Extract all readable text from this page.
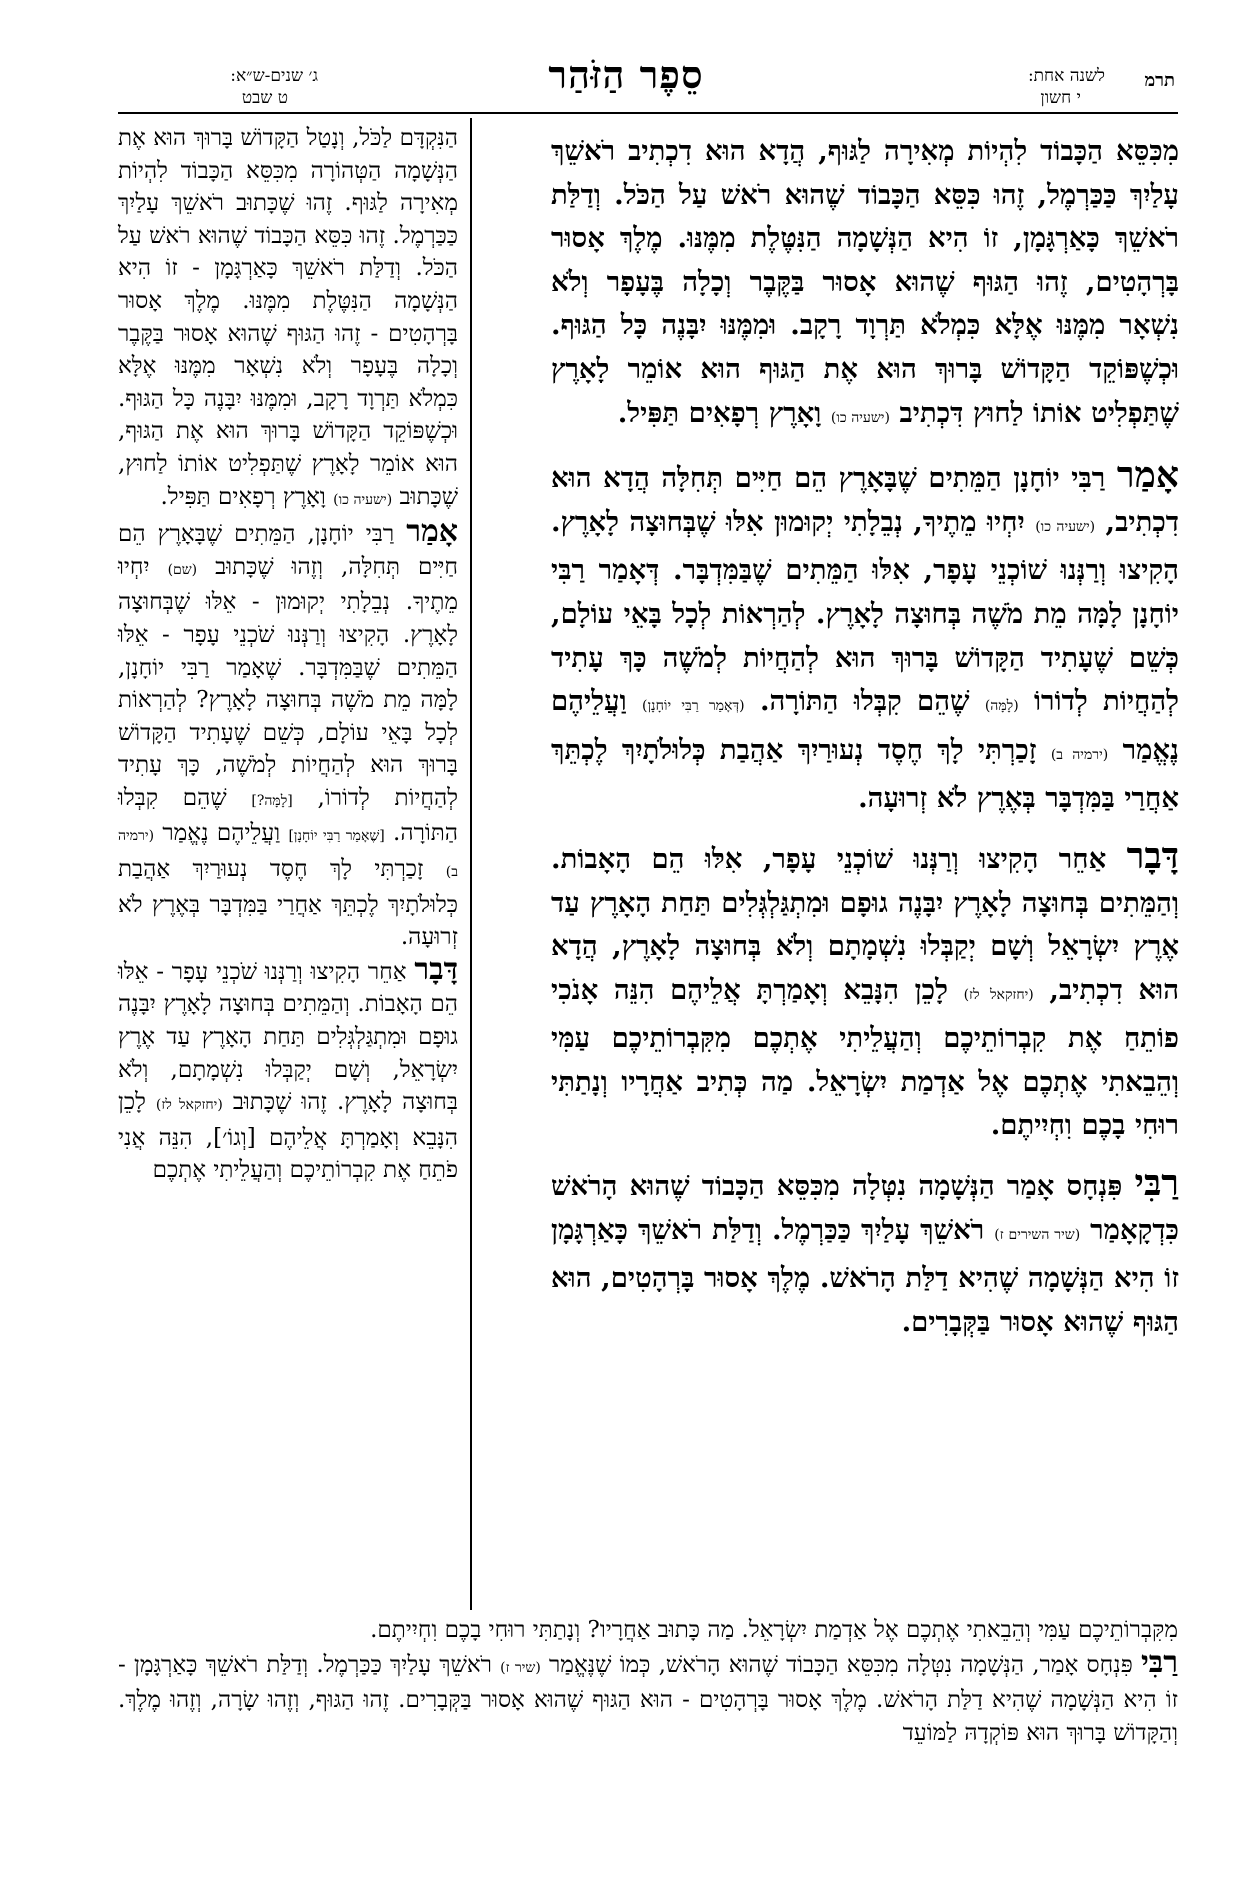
תרמ
לשנה אחת:
י חשון
סֵפֶר הַזֹּהַר
ג׳ שנים-ש״א:
ט שבט

מִכִּסֵּא הַכָּבוֹד לִהְיוֹת מְאִירָה לַגּוּף, הֲדָא הוּא דִכְתִיב רֹאשֵׁךְ עָלַיִךְ כַּכַּרְמֶל, זֶהוּ כִּסֵּא הַכָּבוֹד שֶׁהוּא רֹאשׁ עַל הַכֹּל. וְדַלַּת רֹאשֵׁךְ כָּאַרְגָּמָן, זוֹ הִיא הַנְּשָׁמָה הַנִּטֶּלֶת מִמֶּנּוּ. מֶלֶךְ אָסוּר בָּרְהָטִים, זֶהוּ הַגּוּף שֶׁהוּא אָסוּר בַּקֶּבֶר וְכָלָה בֶּעָפָר וְלֹא נִשְׁאָר מִמֶּנּוּ אֶלָּא כִּמְלֹא תַּרְוָד רָקָב. וּמִמֶּנּוּ יִבָּנֶה כָּל הַגּוּף. וּכְשֶׁפּוֹקֵד הַקָּדוֹשׁ בָּרוּךְ הוּא אֶת הַגּוּף הוּא אוֹמֵר לָאָרֶץ שֶׁתַּפְלִיט אוֹתוֹ לַחוּץ דִּכְתִיב (ישעיה כו) וָאָרֶץ רְפָאִים תַּפִּיל.

אָמַר רַבִּי יוֹחָנָן הַמֵּתִים שֶׁבָּאָרֶץ הֵם חַיִּים תְּחִלָּה הֲדָא הוּא דִכְתִיב, (ישעיה כו) יִחְיוּ מֵתֶיךָ, נְבֵלָתִי יְקוּמוּן אִלּוּ שֶׁבְּחוּצָה לָאָרֶץ. הָקִיצוּ וְרַנְּנוּ שׁוֹכְנֵי עָפָר, אִלּוּ הַמֵּתִים שֶׁבַּמִּדְבָּר. דְּאָמַר רַבִּי יוֹחָנָן לָמָּה מֵת מֹשֶׁה בְּחוּצָה לָאָרֶץ. לְהַרְאוֹת לְכָל בָּאֵי עוֹלָם, כְּשֵׁם שֶׁעָתִיד הַקָּדוֹשׁ בָּרוּךְ הוּא לְהַחֲיוֹת לְמֹשֶׁה כָּךְ עָתִיד לְהַחֲיוֹת לְדוֹרוֹ (לָמָּה) שֶׁהֵם קִבְּלוּ הַתּוֹרָה. (דְּאָמַר רַבִּי יוֹחָנָן) וַעֲלֵיהֶם נֶאֱמַר (ירמיה ב) זָכַרְתִּי לָךְ חֶסֶד נְעוּרַיִךְ אַהֲבַת כְּלוּלֹתָיִךְ לֶכְתֵּךְ אַחֲרַי בַּמִּדְבָּר בְּאֶרֶץ לֹא זְרוּעָה.

דָּבָר אַחֵר הָקִיצוּ וְרַנְּנוּ שׁוֹכְנֵי עָפָר, אִלּוּ הֵם הָאָבוֹת. וְהַמֵּתִים בְּחוּצָה לָאָרֶץ יִבָּנֶה גוּפָם וּמִתְגַּלְגְּלִים תַּחַת הָאָרֶץ עַד אֶרֶץ יִשְׂרָאֵל וְשָׁם יְקַבְּלוּ נִשְׁמָתָם וְלֹא בְּחוּצָה לָאָרֶץ, הֲדָא הוּא דִכְתִיב, (יחזקאל לז) לָכֵן הִנָּבֵא וְאָמַרְתָּ אֲלֵיהֶם הִנֵּה אָנֹכִי פוֹתֵחַ אֶת קִבְרוֹתֵיכֶם וְהַעֲלֵיתִי אֶתְכֶם מִקִּבְרוֹתֵיכֶם עַמִּי וְהֵבֵאתִי אֶתְכֶם אֶל אַדְמַת יִשְׂרָאֵל. מַה כְּתִיב אַחֲרָיו וְנָתַתִּי רוּחִי בָכֶם וִחְיִיתֶם.

רַבִּי פִּנְחָס אָמַר הַנְּשָׁמָה נִטְּלָה מִכִּסֵּא הַכָּבוֹד שֶׁהוּא הָרֹאשׁ כִּדְקָאָמַר (שיר השירים ז) רֹאשֵׁךְ עָלַיִךְ כַּכַּרְמֶל. וְדַלַּת רֹאשֵׁךְ כָּאַרְגָּמָן זוֹ הִיא הַנְּשָׁמָה שֶׁהִיא דַלַּת הָרֹאשׁ. מֶלֶךְ אָסוּר בָּרְהָטִים, הוּא הַגּוּף שֶׁהוּא אָסוּר בַּקְּבָרִים.

הַנִּקְדָּם לַכֹּל, וְנָטַל הַקָּדוֹשׁ בָּרוּךְ הוּא אֶת הַנְּשָׁמָה הַטְּהוֹרָה מִכִּסֵּא הַכָּבוֹד לִהְיוֹת מְאִירָה לַגּוּף. זֶהוּ שֶׁכָּתוּב רֹאשֵׁךְ עָלַיִךְ כַּכַּרְמֶל. זֶהוּ כִּסֵּא הַכָּבוֹד שֶׁהוּא רֹאשׁ עַל הַכֹּל. וְדַלַּת רֹאשֵׁךְ כָּאַרְגָּמָן - זוֹ הִיא הַנְּשָׁמָה הַנִּטֶּלֶת מִמֶּנּוּ. מֶלֶךְ אָסוּר בָּרְהָטִים - זֶהוּ הַגּוּף שֶׁהוּא אָסוּר בַּקֶּבֶר וְכָלָה בֶּעָפָר וְלֹא נִשְׁאָר מִמֶּנּוּ אֶלָּא כִּמְלֹא תַּרְוָד רָקָב, וּמִמֶּנּוּ יִבָּנֶה כָּל הַגּוּף. וּכְשֶׁפּוֹקֵד הַקָּדוֹשׁ בָּרוּךְ הוּא אֶת הַגּוּף, הוּא אוֹמֵר לָאָרֶץ שֶׁתַּפְלִיט אוֹתוֹ לַחוּץ, שֶׁכָּתוּב (ישעיה כו) וָאָרֶץ רְפָאִים תַּפִּיל.

אָמַר רַבִּי יוֹחָנָן, הַמֵּתִים שֶׁבָּאָרֶץ הֵם חַיִּים תְּחִלָּה, וְזֶהוּ שֶׁכָּתוּב (שם) יִחְיוּ מֵתֶיךָ. נְבֵלָתִי יְקוּמוּן - אֵלּוּ שֶׁבְּחוּצָה לָאָרֶץ. הָקִיצוּ וְרַנְּנוּ שֹׁכְנֵי עָפָר - אֵלּוּ הַמֵּתִים שֶׁבַּמִּדְבָּר. שֶׁאָמַר רַבִּי יוֹחָנָן, לָמָּה מֵת מֹשֶׁה בְּחוּצָה לָאָרֶץ? לְהַרְאוֹת לְכָל בָּאֵי עוֹלָם, כְּשֵׁם שֶׁעָתִיד הַקָּדוֹשׁ בָּרוּךְ הוּא לְהַחֲיוֹת לְמֹשֶׁה, כָּךְ עָתִיד לְהַחֲיוֹת לְדוֹרוֹ, [לָמָּה?] שֶׁהֵם קִבְּלוּ הַתּוֹרָה. [שֶׁאָמַר רַבִּי יוֹחָנָן] וַעֲלֵיהֶם נֶאֱמַר (ירמיה ב) זָכַרְתִּי לָךְ חֶסֶד נְעוּרַיִךְ אַהֲבַת כְּלוּלֹתָיִךְ לֶכְתֵּךְ אַחֲרַי בַּמִּדְבָּר בְּאֶרֶץ לֹא זְרוּעָה.

דָּבָר אַחֵר הָקִיצוּ וְרַנְּנוּ שֹׁכְנֵי עָפָר - אֵלּוּ הֵם הָאָבוֹת. וְהַמֵּתִים בְּחוּצָה לָאָרֶץ יִבָּנֶה גוּפָם וּמִתְגַּלְגְּלִים תַּחַת הָאָרֶץ עַד אֶרֶץ יִשְׂרָאֵל, וְשָׁם יְקַבְּלוּ נִשְׁמָתָם, וְלֹא בְּחוּצָה לָאָרֶץ. זֶהוּ שֶׁכָּתוּב (יחזקאל לז) לָכֵן הִנָּבֵא וְאָמַרְתָּ אֲלֵיהֶם [וְגוֹ׳], הִנֵּה אֲנִי פֹתֵחַ אֶת קִבְרוֹתֵיכֶם וְהַעֲלֵיתִי אֶתְכֶם

מִקִּבְרוֹתֵיכֶם עַמִּי וְהֵבֵאתִי אֶתְכֶם אֶל אַדְמַת יִשְׂרָאֵל. מַה כָּתוּב אַחֲרָיו? וְנָתַתִּי רוּחִי בָכֶם וִחְיִיתֶם.

רַבִּי פִּנְחָס אָמַר, הַנְּשָׁמָה נִטְּלָה מִכִּסֵּא הַכָּבוֹד שֶׁהוּא הָרֹאשׁ, כְּמוֹ שֶׁנֶּאֱמַר (שיר ז) רֹאשֵׁךְ עָלַיִךְ כַּכַּרְמֶל. וְדַלַּת רֹאשֵׁךְ כָּאַרְגָּמָן - זוֹ הִיא הַנְּשָׁמָה שֶׁהִיא דַלַּת הָרֹאשׁ. מֶלֶךְ אָסוּר בָּרְהָטִים - הוּא הַגּוּף שֶׁהוּא אָסוּר בַּקְּבָרִים. זֶהוּ הַגּוּף, וְזֶהוּ שָׂרָה, וְזֶהוּ מֶלֶךְ. וְהַקָּדוֹשׁ בָּרוּךְ הוּא פּוֹקְדָהּ לַמּוֹעֵד
